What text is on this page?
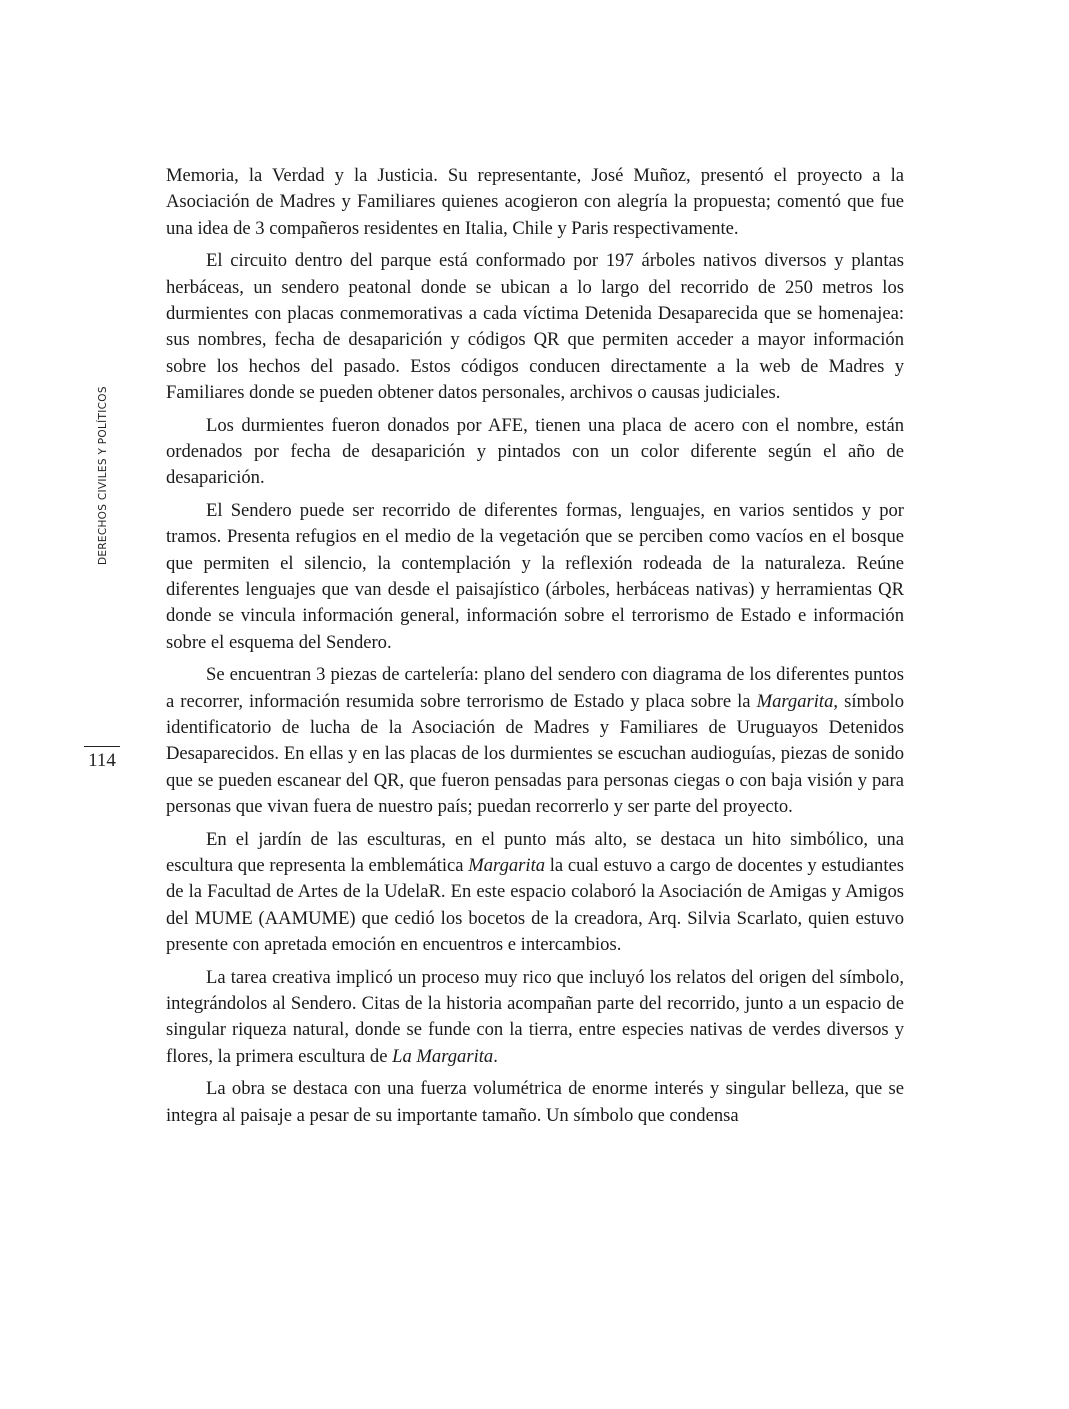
DERECHOS CIVILES Y POLÍTICOS
114

Memoria, la Verdad y la Justicia. Su representante, José Muñoz, presentó el proyecto a la Asociación de Madres y Familiares quienes acogieron con alegría la propuesta; comentó que fue una idea de 3 compañeros residentes en Italia, Chile y Paris respectivamente.

El circuito dentro del parque está conformado por 197 árboles nativos diversos y plantas herbáceas, un sendero peatonal donde se ubican a lo largo del recorrido de 250 metros los durmientes con placas conmemorativas a cada víctima Detenida Desaparecida que se homenajea: sus nombres, fecha de desaparición y códigos QR que permiten acceder a mayor información sobre los hechos del pasado. Estos códigos conducen directamente a la web de Madres y Familiares donde se pueden obtener datos personales, archivos o causas judiciales.

Los durmientes fueron donados por AFE, tienen una placa de acero con el nombre, están ordenados por fecha de desaparición y pintados con un color diferente según el año de desaparición.

El Sendero puede ser recorrido de diferentes formas, lenguajes, en varios sentidos y por tramos. Presenta refugios en el medio de la vegetación que se perciben como vacíos en el bosque que permiten el silencio, la contemplación y la reflexión rodeada de la naturaleza. Reúne diferentes lenguajes que van desde el paisajístico (árboles, herbáceas nativas) y herramientas QR donde se vincula información general, información sobre el terrorismo de Estado e información sobre el esquema del Sendero.

Se encuentran 3 piezas de cartelería: plano del sendero con diagrama de los diferentes puntos a recorrer, información resumida sobre terrorismo de Estado y placa sobre la Margarita, símbolo identificatorio de lucha de la Asociación de Madres y Familiares de Uruguayos Detenidos Desaparecidos. En ellas y en las placas de los durmientes se escuchan audioguías, piezas de sonido que se pueden escanear del QR, que fueron pensadas para personas ciegas o con baja visión y para personas que vivan fuera de nuestro país; puedan recorrerlo y ser parte del proyecto.

En el jardín de las esculturas, en el punto más alto, se destaca un hito simbólico, una escultura que representa la emblemática Margarita la cual estuvo a cargo de docentes y estudiantes de la Facultad de Artes de la UdelaR. En este espacio colaboró la Asociación de Amigas y Amigos del MUME (AAMUME) que cedió los bocetos de la creadora, Arq. Silvia Scarlato, quien estuvo presente con apretada emoción en encuentros e intercambios.

La tarea creativa implicó un proceso muy rico que incluyó los relatos del origen del símbolo, integrándolos al Sendero. Citas de la historia acompañan parte del recorrido, junto a un espacio de singular riqueza natural, donde se funde con la tierra, entre especies nativas de verdes diversos y flores, la primera escultura de La Margarita.

La obra se destaca con una fuerza volumétrica de enorme interés y singular belleza, que se integra al paisaje a pesar de su importante tamaño. Un símbolo que condensa
